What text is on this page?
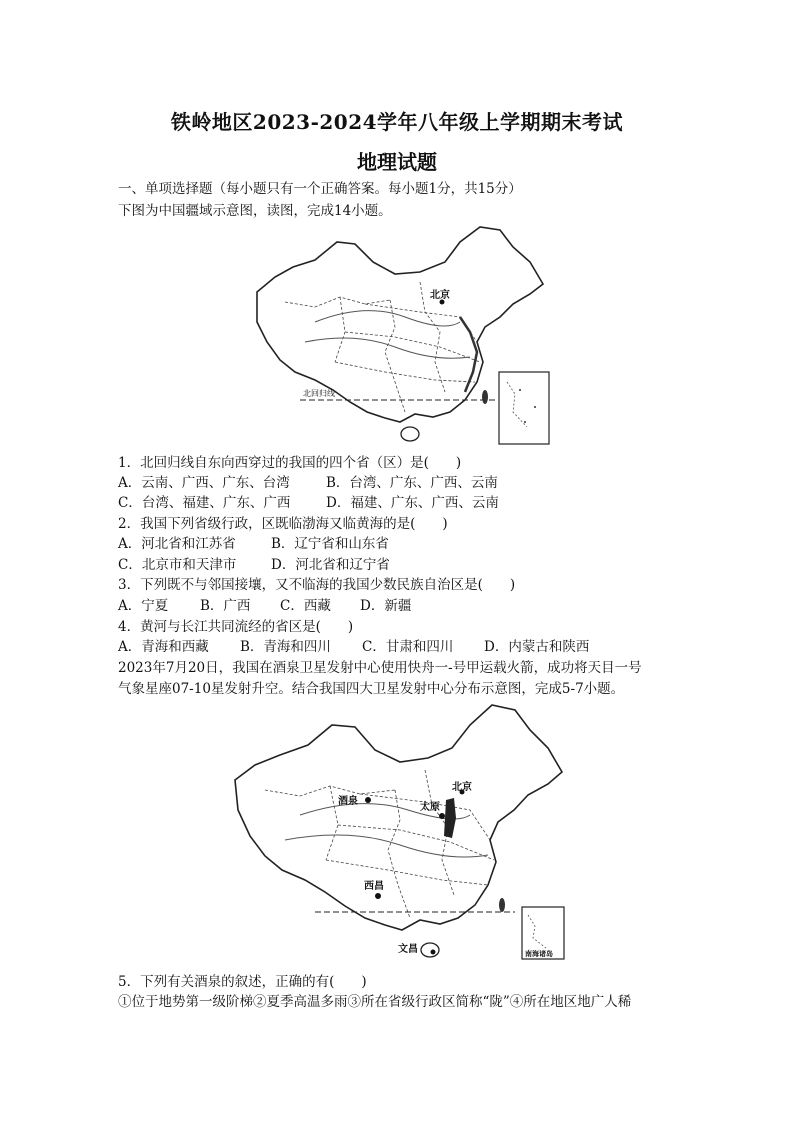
铁岭地区2023-2024学年八年级上学期期末考试
地理试题
一、单项选择题（每小题只有一个正确答案。每小题1分，共15分）
下图为中国疆域示意图，读图，完成14小题。
北京
北回归线
1．北回归线自东向西穿过的我国的四个省（区）是(　　)
A．云南、广西、广东、台湾	B．台湾、广东、广西、云南
C．台湾、福建、广东、广西	D．福建、广东、广西、云南
2．我国下列省级行政，区既临渤海又临黄海的是(　　)
A．河北省和江苏省	B．辽宁省和山东省
C．北京市和天津市	D．河北省和辽宁省
3．下列既不与邻国接壤，又不临海的我国少数民族自治区是(　　)
A．宁夏 B．广西 C．西藏 D．新疆
4．黄河与长江共同流经的省区是(　　)
A．青海和西藏 B．青海和四川 C．甘肃和四川 D．内蒙古和陕西
2023年7月20日，我国在酒泉卫星发射中心使用快舟一-号甲运载火箭，成功将天目一号
气象星座07-10星发射升空。结合我国四大卫星发射中心分布示意图，完成5-7小题。
酒泉
太原
北京
西昌
文昌	南海诸岛
5．下列有关酒泉的叙述，正确的有(　　)
①位于地势第一级阶梯②夏季高温多雨③所在省级行政区简称“陇”④所在地区地广人稀
